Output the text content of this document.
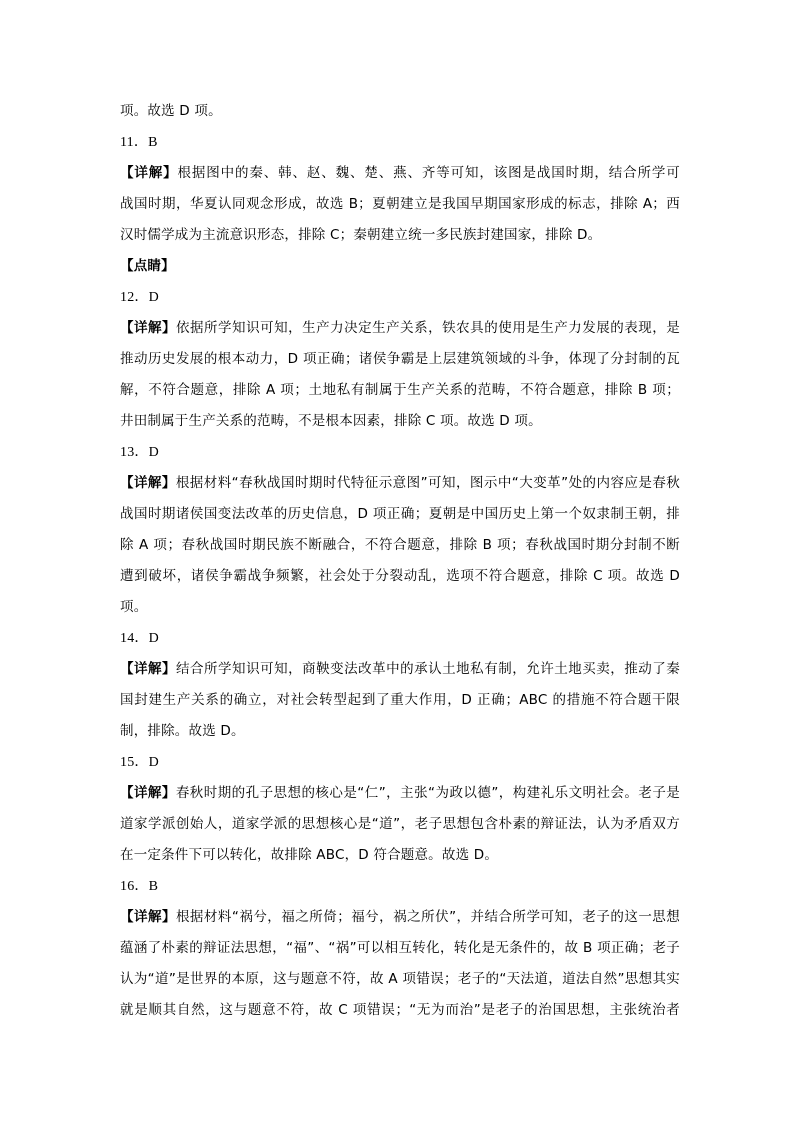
项。故选 D 项。
11．B
【详解】根据图中的秦、韩、赵、魏、楚、燕、齐等可知，该图是战国时期，结合所学可
战国时期，华夏认同观念形成，故选 B；夏朝建立是我国早期国家形成的标志，排除 A；西
汉时儒学成为主流意识形态，排除 C；秦朝建立统一多民族封建国家，排除 D。
【点睛】
12．D
【详解】依据所学知识可知，生产力决定生产关系，铁农具的使用是生产力发展的表现，是
推动历史发展的根本动力，D 项正确；诸侯争霸是上层建筑领域的斗争，体现了分封制的瓦
解，不符合题意，排除 A 项；土地私有制属于生产关系的范畴，不符合题意，排除 B 项；
井田制属于生产关系的范畴，不是根本因素，排除 C 项。故选 D 项。
13．D
【详解】根据材料“春秋战国时期时代特征示意图”可知，图示中“大变革”处的内容应是春秋
战国时期诸侯国变法改革的历史信息，D 项正确；夏朝是中国历史上第一个奴隶制王朝，排
除 A 项；春秋战国时期民族不断融合，不符合题意，排除 B 项；春秋战国时期分封制不断
遭到破坏，诸侯争霸战争频繁，社会处于分裂动乱，选项不符合题意，排除 C 项。故选 D
项。
14．D
【详解】结合所学知识可知，商鞅变法改革中的承认土地私有制，允许土地买卖，推动了秦
国封建生产关系的确立，对社会转型起到了重大作用，D 正确；ABC 的措施不符合题干限
制，排除。故选 D。
15．D
【详解】春秋时期的孔子思想的核心是“仁”，主张“为政以德”，构建礼乐文明社会。老子是
道家学派创始人，道家学派的思想核心是“道”，老子思想包含朴素的辩证法，认为矛盾双方
在一定条件下可以转化，故排除 ABC，D 符合题意。故选 D。
16．B
【详解】根据材料“祸兮，福之所倚；福兮，祸之所伏”，并结合所学可知，老子的这一思想
蕴涵了朴素的辩证法思想，“福”、“祸”可以相互转化，转化是无条件的，故 B 项正确；老子
认为“道”是世界的本原，这与题意不符，故 A 项错误；老子的“天法道，道法自然”思想其实
就是顺其自然，这与题意不符，故 C 项错误；“无为而治”是老子的治国思想，主张统治者
